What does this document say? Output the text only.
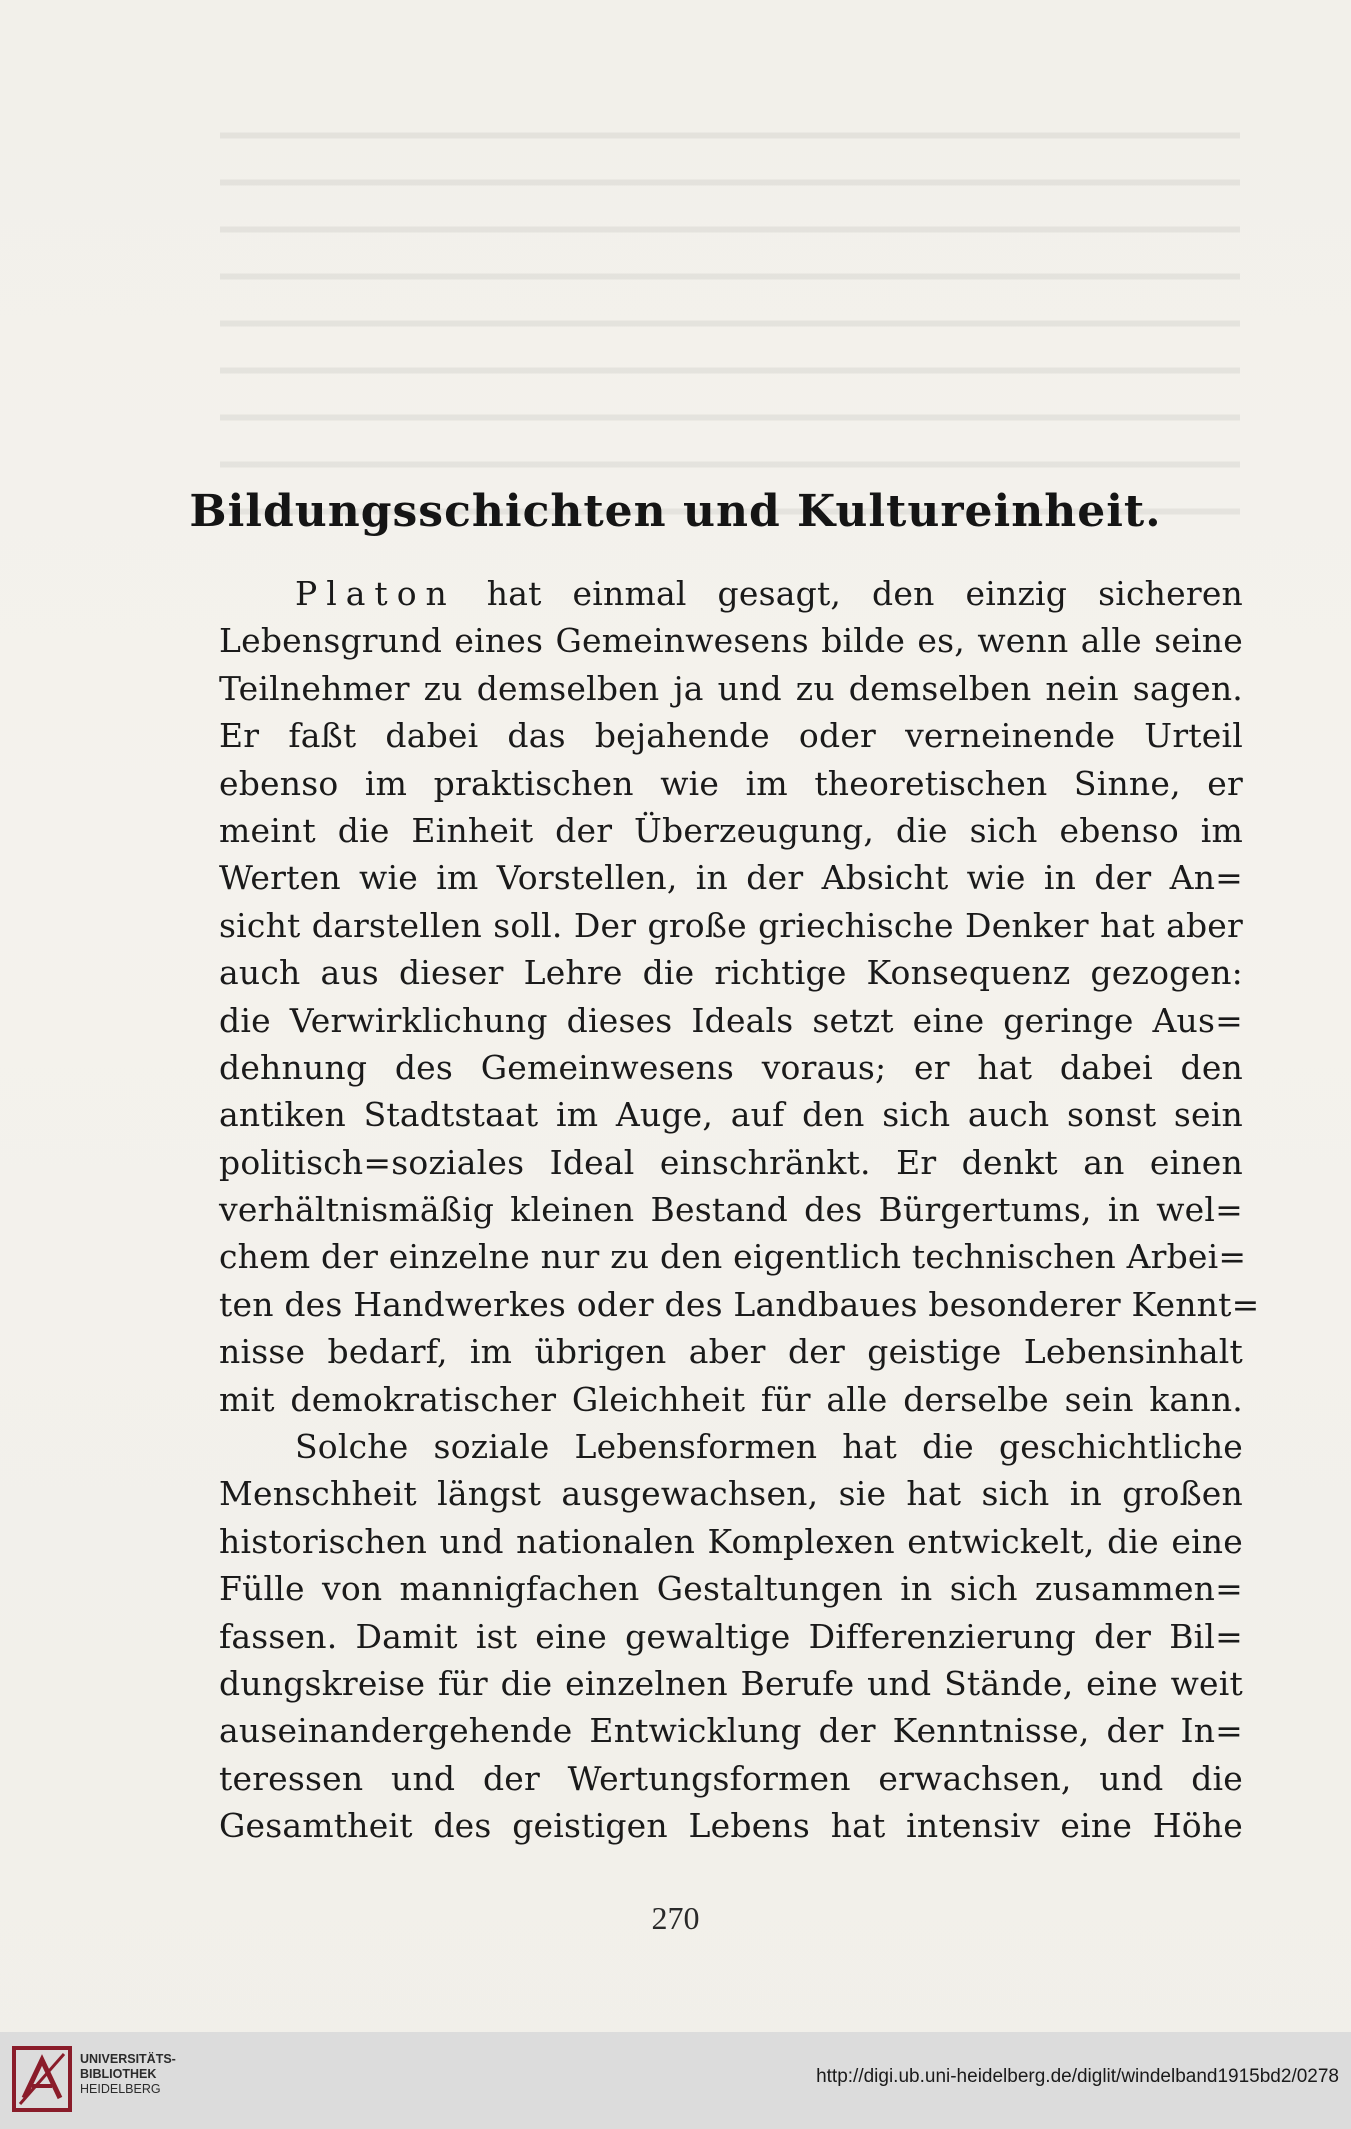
Bildungsschichten und Kultureinheit.
Platon hat einmal gesagt, den einzig sicheren
Lebensgrund eines Gemeinwesens bilde es, wenn alle seine
Teilnehmer zu demselben ja und zu demselben nein sagen.
Er faßt dabei das bejahende oder verneinende Urteil
ebenso im praktischen wie im theoretischen Sinne, er
meint die Einheit der Überzeugung, die sich ebenso im
Werten wie im Vorstellen, in der Absicht wie in der An=
sicht darstellen soll. Der große griechische Denker hat aber
auch aus dieser Lehre die richtige Konsequenz gezogen:
die Verwirklichung dieses Ideals setzt eine geringe Aus=
dehnung des Gemeinwesens voraus; er hat dabei den
antiken Stadtstaat im Auge, auf den sich auch sonst sein
politisch=soziales Ideal einschränkt. Er denkt an einen
verhältnismäßig kleinen Bestand des Bürgertums, in wel=
chem der einzelne nur zu den eigentlich technischen Arbei=
ten des Handwerkes oder des Landbaues besonderer Kennt=
nisse bedarf, im übrigen aber der geistige Lebensinhalt
mit demokratischer Gleichheit für alle derselbe sein kann.
Solche soziale Lebensformen hat die geschichtliche
Menschheit längst ausgewachsen, sie hat sich in großen
historischen und nationalen Komplexen entwickelt, die eine
Fülle von mannigfachen Gestaltungen in sich zusammen=
fassen. Damit ist eine gewaltige Differenzierung der Bil=
dungskreise für die einzelnen Berufe und Stände, eine weit
auseinandergehende Entwicklung der Kenntnisse, der In=
teressen und der Wertungsformen erwachsen, und die
Gesamtheit des geistigen Lebens hat intensiv eine Höhe
270
UNIVERSITÄTS-
BIBLIOTHEK
HEIDELBERG
http://digi.ub.uni-heidelberg.de/diglit/windelband1915bd2/0278
